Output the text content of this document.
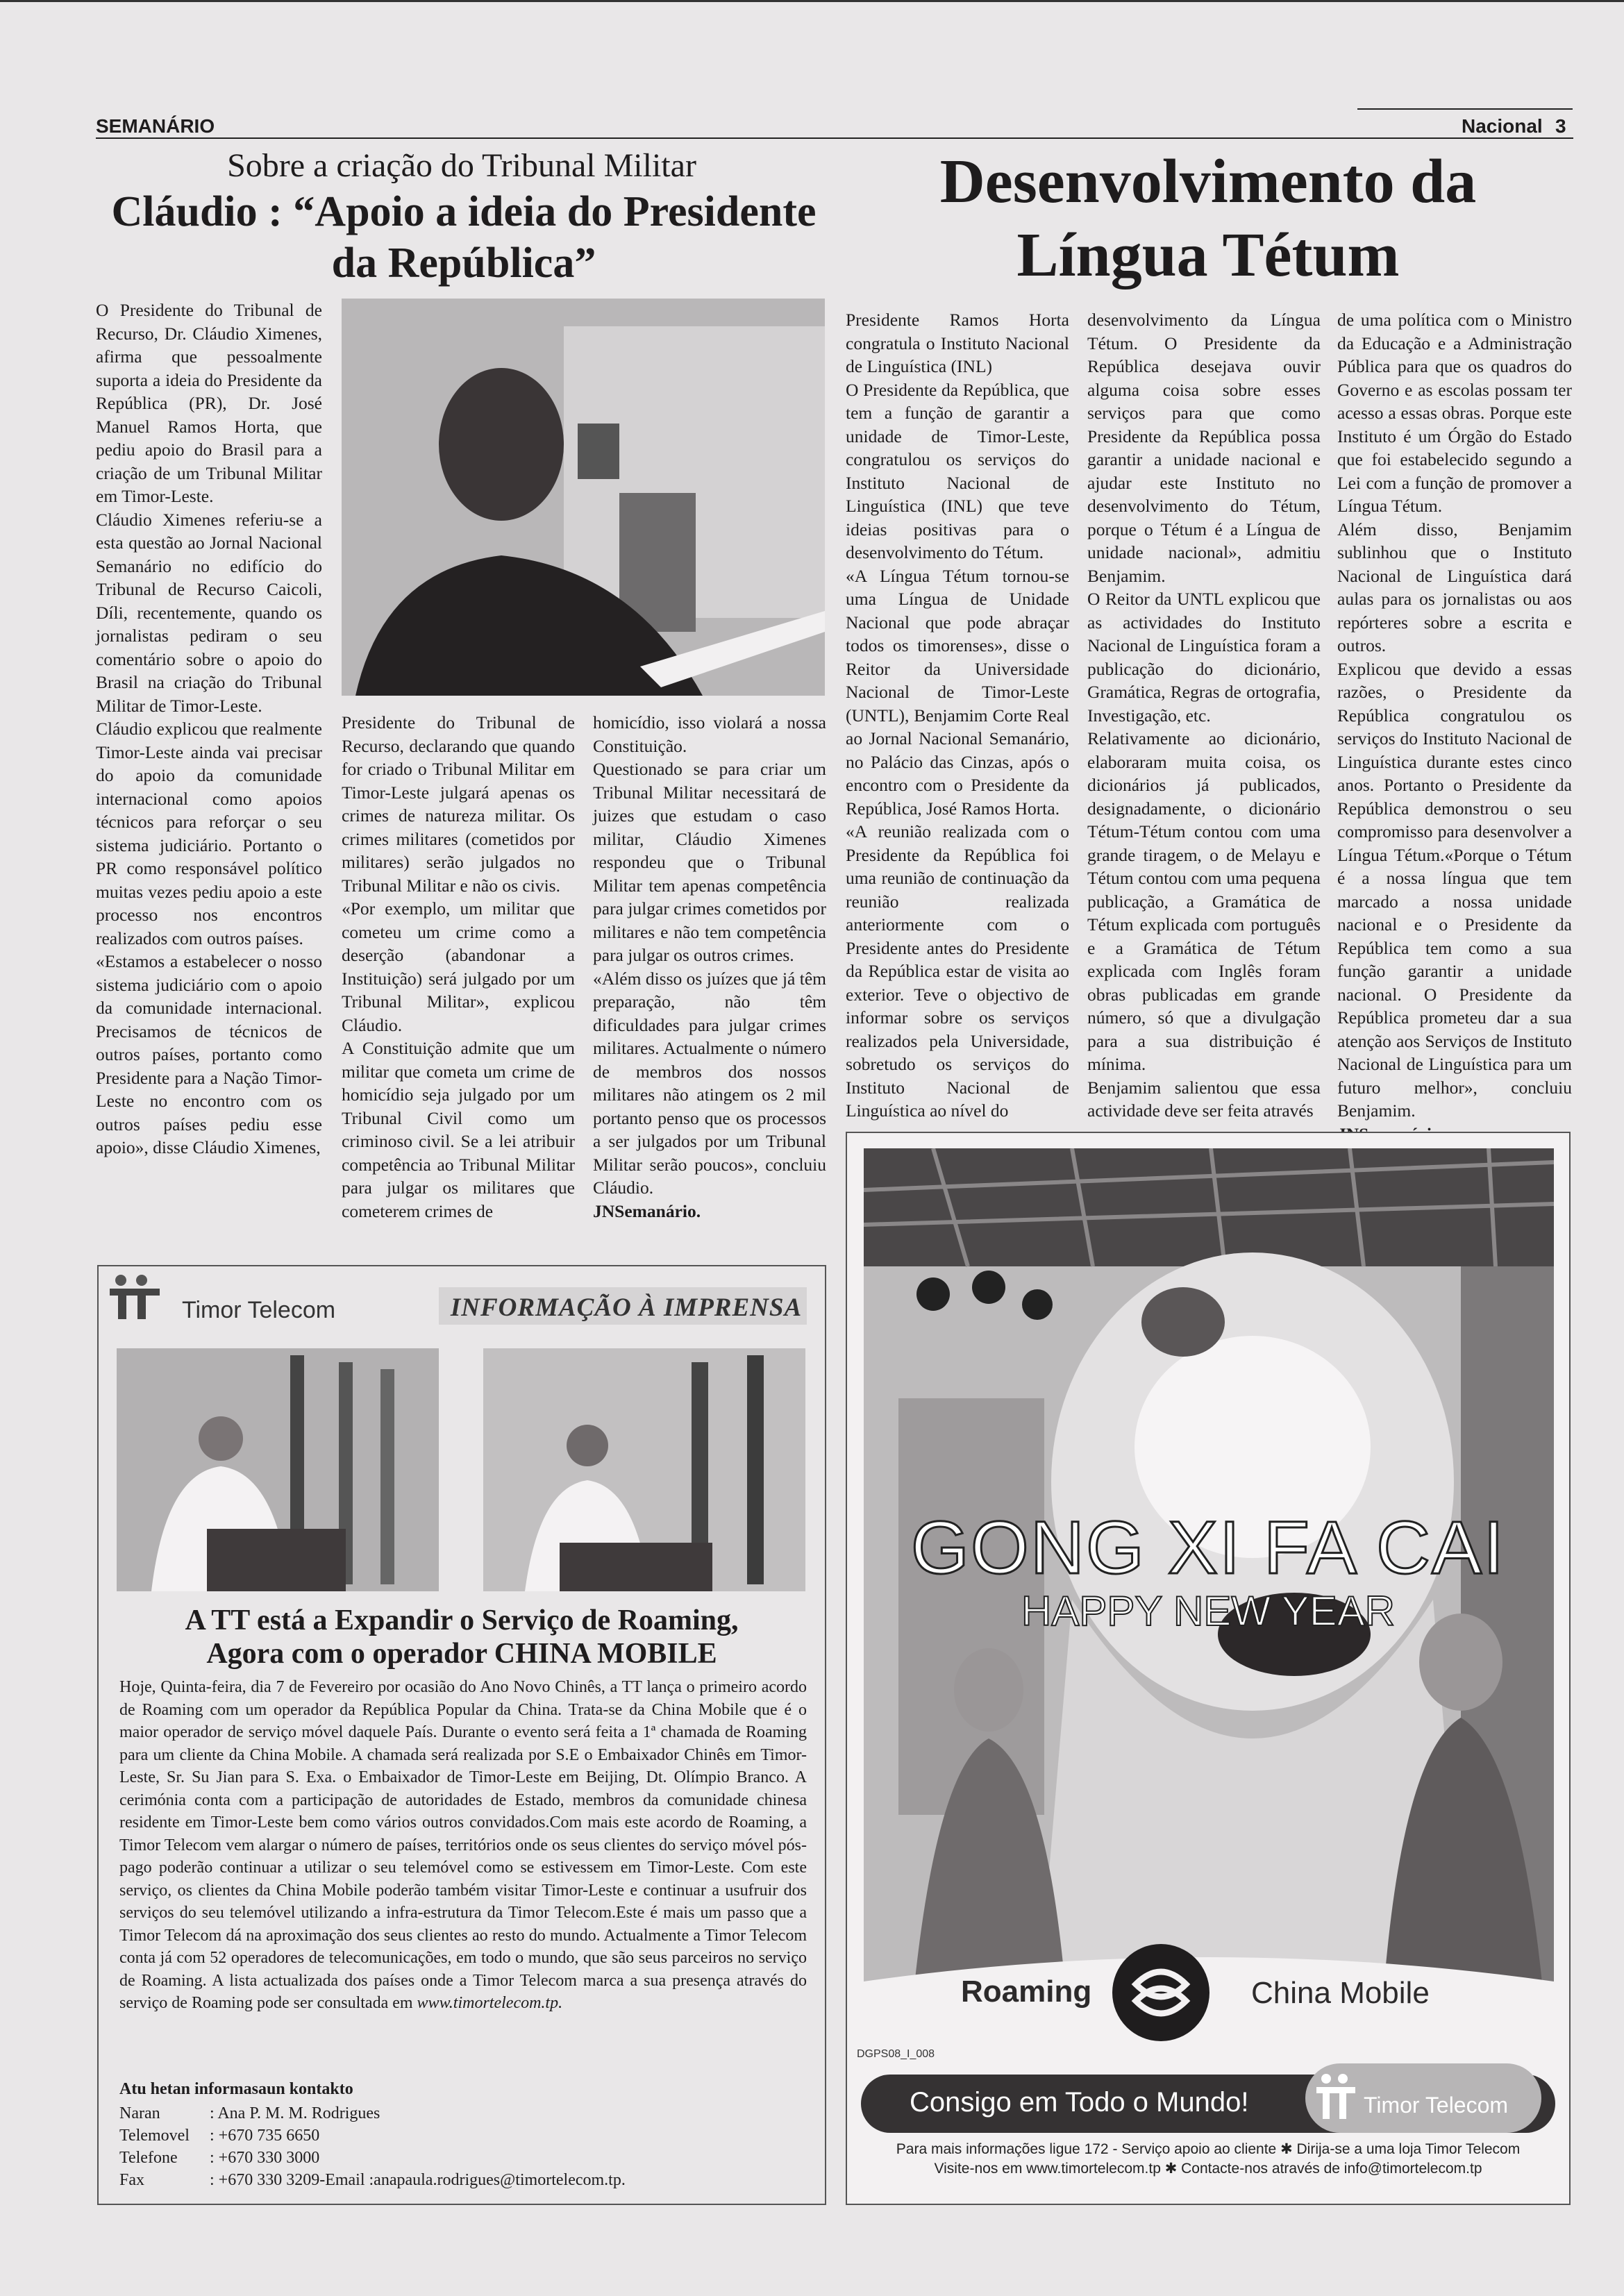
SEMANÁRIO	Nacional 3
Sobre a criação do Tribunal Militar
Cláudio : “Apoio a ideia do Presidente
da República”

O Presidente do Tribunal de Recurso, Dr. Cláudio Ximenes, afirma que pessoalmente suporta a ideia do Presidente da República (PR), Dr. José Manuel Ramos Horta, que pediu apoio do Brasil para a criação de um Tribunal Militar em Timor-Leste.

Cláudio Ximenes referiu-se a esta questão ao Jornal Nacional Semanário no edifício do Tribunal de Recurso Caicoli, Díli, recentemente, quando os jornalistas pediram o seu comentário sobre o apoio do Brasil na criação do Tribunal Militar de Timor-Leste.

Cláudio explicou que realmente Timor-Leste ainda vai precisar do apoio da comunidade internacional como apoios técnicos para reforçar o seu sistema judiciário. Portanto o PR como responsável político muitas vezes pediu apoio a este processo nos encontros realizados com outros países.

«Estamos a estabelecer o nosso sistema judiciário com o apoio da comunidade internacional. Precisamos de técnicos de outros países, portanto como Presidente para a Nação Timor-Leste no encontro com os outros países pediu esse apoio», disse Cláudio Ximenes,

Presidente do Tribunal de Recurso, declarando que quando for criado o Tribunal Militar em Timor-Leste julgará apenas os crimes de natureza militar. Os crimes militares (cometidos por militares) serão julgados no Tribunal Militar e não os civis.

«Por exemplo, um militar que cometeu um crime como a deserção (abandonar a Instituição) será julgado por um Tribunal Militar», explicou Cláudio.

A Constituição admite que um militar que cometa um crime de homicídio seja julgado por um Tribunal Civil como um criminoso civil. Se a lei atribuir competência ao Tribunal Militar para julgar os militares que cometerem crimes de

homicídio, isso violará a nossa Constituição.

Questionado se para criar um Tribunal Militar necessitará de juizes que estudam o caso militar, Cláudio Ximenes respondeu que o Tribunal Militar tem apenas competência para julgar crimes cometidos por militares e não tem competência para julgar os outros crimes.

«Além disso os juízes que já têm preparação, não têm dificuldades para julgar crimes militares. Actualmente o número de membros dos nossos militares não atingem os 2 mil portanto penso que os processos a ser julgados por um Tribunal Militar serão poucos», concluiu Cláudio.

JNSemanário.

Desenvolvimento da
Língua Tétum

Presidente Ramos Horta congratula o Instituto Nacional de Linguística (INL)

O Presidente da República, que tem a função de garantir a unidade de Timor-Leste, congratulou os serviços do Instituto Nacional de Linguística (INL) que teve ideias positivas para o desenvolvimento do Tétum.

«A Língua Tétum tornou-se uma Língua de Unidade Nacional que pode abraçar todos os timorenses», disse o Reitor da Universidade Nacional de Timor-Leste (UNTL), Benjamim Corte Real ao Jornal Nacional Semanário, no Palácio das Cinzas, após o encontro com o Presidente da República, José Ramos Horta.

«A reunião realizada com o Presidente da República foi uma reunião de continuação da reunião realizada anteriormente com o Presidente antes do Presidente da República estar de visita ao exterior. Teve o objectivo de informar sobre os serviços realizados pela Universidade, sobretudo os serviços do Instituto Nacional de Linguística ao nível do

desenvolvimento da Língua Tétum. O Presidente da República desejava ouvir alguma coisa sobre esses serviços para que como Presidente da República possa garantir a unidade nacional e ajudar este Instituto no desenvolvimento do Tétum, porque o Tétum é a Língua de unidade nacional», admitiu Benjamim.

O Reitor da UNTL explicou que as actividades do Instituto Nacional de Linguística foram a publicação do dicionário, Gramática, Regras de ortografia, Investigação, etc.

Relativamente ao dicionário, elaboraram muita coisa, os dicionários já publicados, designadamente, o dicionário Tétum-Tétum contou com uma grande tiragem, o de Melayu e Tétum contou com uma pequena publicação, a Gramática de Tétum explicada com português e a Gramática de Tétum explicada com Inglês foram obras publicadas em grande número, só que a divulgação para a sua distribuição é mínima.

Benjamim salientou que essa actividade deve ser feita através

de uma política com o Ministro da Educação e a Administração Pública para que os quadros do Governo e as escolas possam ter acesso a essas obras. Porque este Instituto é um Órgão do Estado que foi estabelecido segundo a Lei com a função de promover a Língua Tétum.

Além disso, Benjamim sublinhou que o Instituto Nacional de Linguística dará aulas para os jornalistas ou aos repórteres sobre a escrita e outros.

Explicou que devido a essas razões, o Presidente da República congratulou os serviços do Instituto Nacional de Linguística durante estes cinco anos. Portanto o Presidente da República demonstrou o seu compromisso para desenvolver a Língua Tétum.«Porque o Tétum é a nossa língua que tem marcado a nossa unidade nacional e o Presidente da República tem como a sua função garantir a unidade nacional. O Presidente da República prometeu dar a sua atenção aos Serviços de Instituto Nacional de Linguística para um futuro melhor», concluiu Benjamim.

Timor Telecom	INFORMAÇÃO À IMPRENSA
A TT está a Expandir o Serviço de Roaming,
Agora com o operador CHINA MOBILE

Hoje, Quinta-feira, dia 7 de Fevereiro por ocasião do Ano Novo Chinês, a TT lança o primeiro acordo de Roaming com um operador da República Popular da China. Trata-se da China Mobile que é o maior operador de serviço móvel daquele País. Durante o evento será feita a 1ª chamada de Roaming para um cliente da China Mobile. A chamada será realizada por S.E o Embaixador Chinês em Timor-Leste, Sr. Su Jian para S. Exa. o Embaixador de Timor-Leste em Beijing, Dt. Olímpio Branco. A cerimónia conta com a participação de autoridades de Estado, membros da comunidade chinesa residente em Timor-Leste bem como vários outros convidados.Com mais este acordo de Roaming, a Timor Telecom vem alargar o número de países, territórios onde os seus clientes do serviço móvel pós-pago poderão continuar a utilizar o seu telemóvel como se estivessem em Timor-Leste. Com este serviço, os clientes da China Mobile poderão também visitar Timor-Leste e continuar a usufruir dos serviços do seu telemóvel utilizando a infra-estrutura da Timor Telecom.Este é mais um passo que a Timor Telecom dá na aproximação dos seus clientes ao resto do mundo. Actualmente a Timor Telecom conta já com 52 operadores de telecomunicações, em todo o mundo, que são seus parceiros no serviço de Roaming. A lista actualizada dos países onde a Timor Telecom marca a sua presença através do serviço de Roaming pode ser consultada em www.timortelecom.tp.

Atu hetan informasaun kontakto
Naran	: Ana P. M. M. Rodrigues
Telemovel : +670 735 6650
Telefone : +670 330 3000
Fax	: +670 330 3209-Email :anapaula.rodrigues@timortelecom.tp.
GONG XI FA CAI
HAPPY NEW YEAR
Roaming	China Mobile
DGPS08_I_008
Consigo em Todo o Mundo!	Timor Telecom
Para mais informações ligue 172 - Serviço apoio ao cliente ✱ Dirija-se a uma loja Timor Telecom
Visite-nos em www.timortelecom.tp ✱ Contacte-nos através de info@timortelecom.tp
